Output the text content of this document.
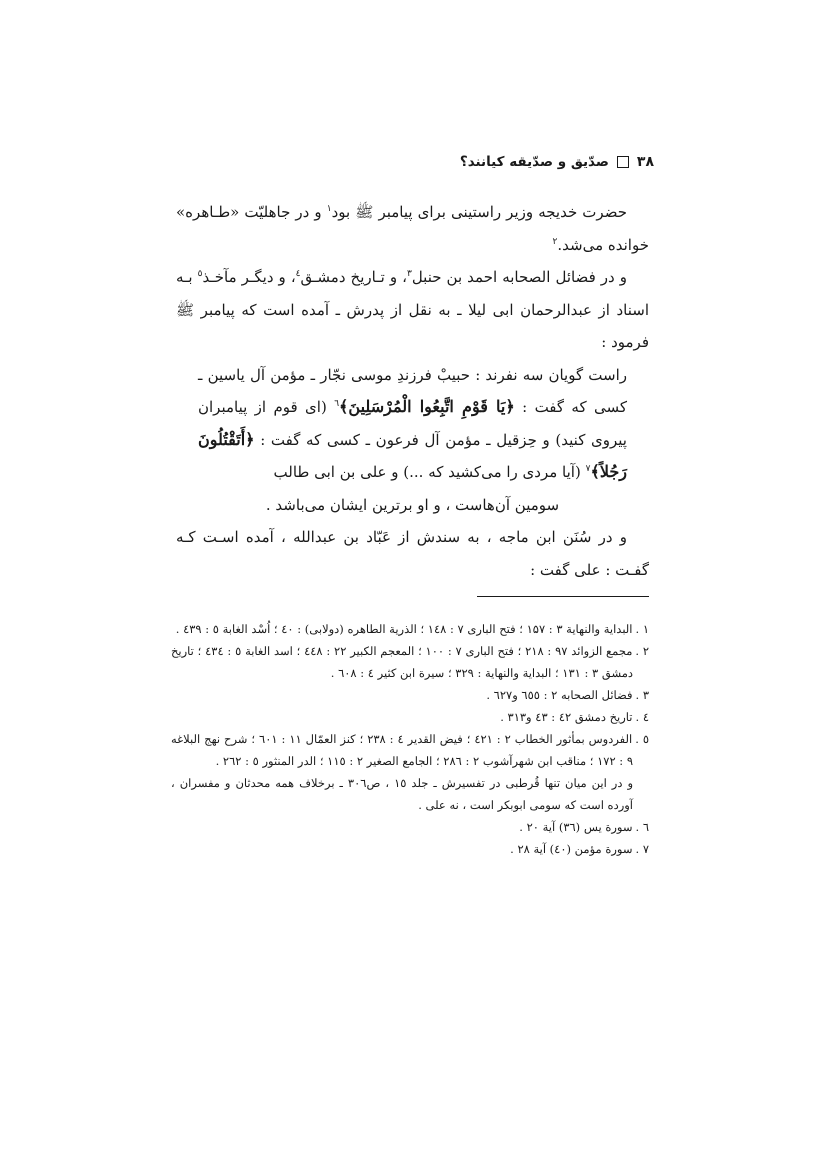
۳۸
صدّیق و صدّیقه کیانند؟

حضرت خدیجه وزیر راستینی برای پیامبر ﷺ بود$^۱$ و در جاهلیّت «طـاهره» خوانده می‌شد.$^۲$

و در فضائل الصحابه احمد بن حنبل$^۳$، و تـاریخ دمشـق$^٤$، و دیگـر مآخـذ$^٥$ بـه اسناد از عبدالرحمان ابی لیلا ـ به نقل از پدرش ـ آمده است که پیامبر ﷺ فرمود :

راست گویان سه نفرند : حبیبْ فرزندِ موسی نجّار ـ مؤمن آل یاسین ـ کسی که گفت : ﴿يَا قَوْمِ اتَّبِعُوا الْمُرْسَلِينَ﴾$^٦$ (ای قوم از پیامبران پیروی کنید) و حِزقیل ـ مؤمن آل فرعون ـ کسی که گفت : ﴿أَتَقْتُلُونَ رَجُلاً﴾$^٧$ (آیا مردی را می‌کشید که ...) و علی بن ابی طالب
سومین آن‌هاست ، و او برترین ایشان می‌باشد .

و در سُنَن ابن ماجه ، به سندش از عَبّاد بن عبدالله ، آمده اسـت کـه گفـت : علی گفت :

۱ .البدایة والنهایة ۳ : ۱۵۷ ؛ فتح الباری ۷ : ۱٤۸ ؛ الذریة الطاهره (دولابی) : ٤۰ ؛ اُسْد الغابة ٥ : ٤۳۹ .

۲ .مجمع الزوائد ۹۷ : ۲۱۸ ؛ فتح الباری ۷ : ۱۰۰ ؛ المعجم الکبیر ۲۲ : ٤٤۸ ؛ اسد الغابة ٥ : ٤۳٤ ؛ تاریخ دمشق ۳ : ۱۳۱ ؛ البدایة والنهایة : ۳۲۹ ؛ سیرة ابن کثیر ٤ : ٦۰۸ .

۳ .فضائل الصحابه ۲ : ٦٥٥ و٦٢٧ .

٤ .تاریخ دمشق ٤۲ : ٤۳ و۳۱۳ .

٥ .الفردوس بمأثور الخطاب ۲ : ٤۲۱ ؛ فیض القدیر ٤ : ۲۳۸ ؛ کنز العمّال ۱۱ : ٦۰۱ ؛ شرح نهج البلاغه ۹ : ۱۷۲ ؛ مناقب ابن شهرآشوب ۲ : ۲۸٦ ؛ الجامع الصغیر ۲ : ۱۱٥ ؛ الدر المنثور ٥ : ۲٦۲ .

و در این میان تنها قُرطبی در تفسیرش ـ جلد ۱٥ ، ص۳۰٦ ـ برخلاف همه محدثان و مفسران ، آورده است که سومی ابوبکر است ، نه علی .

٦ .سورة یس (۳٦) آیة ۲۰ .

۷ .سورة مؤمن (٤۰) آیة ۲۸ .
